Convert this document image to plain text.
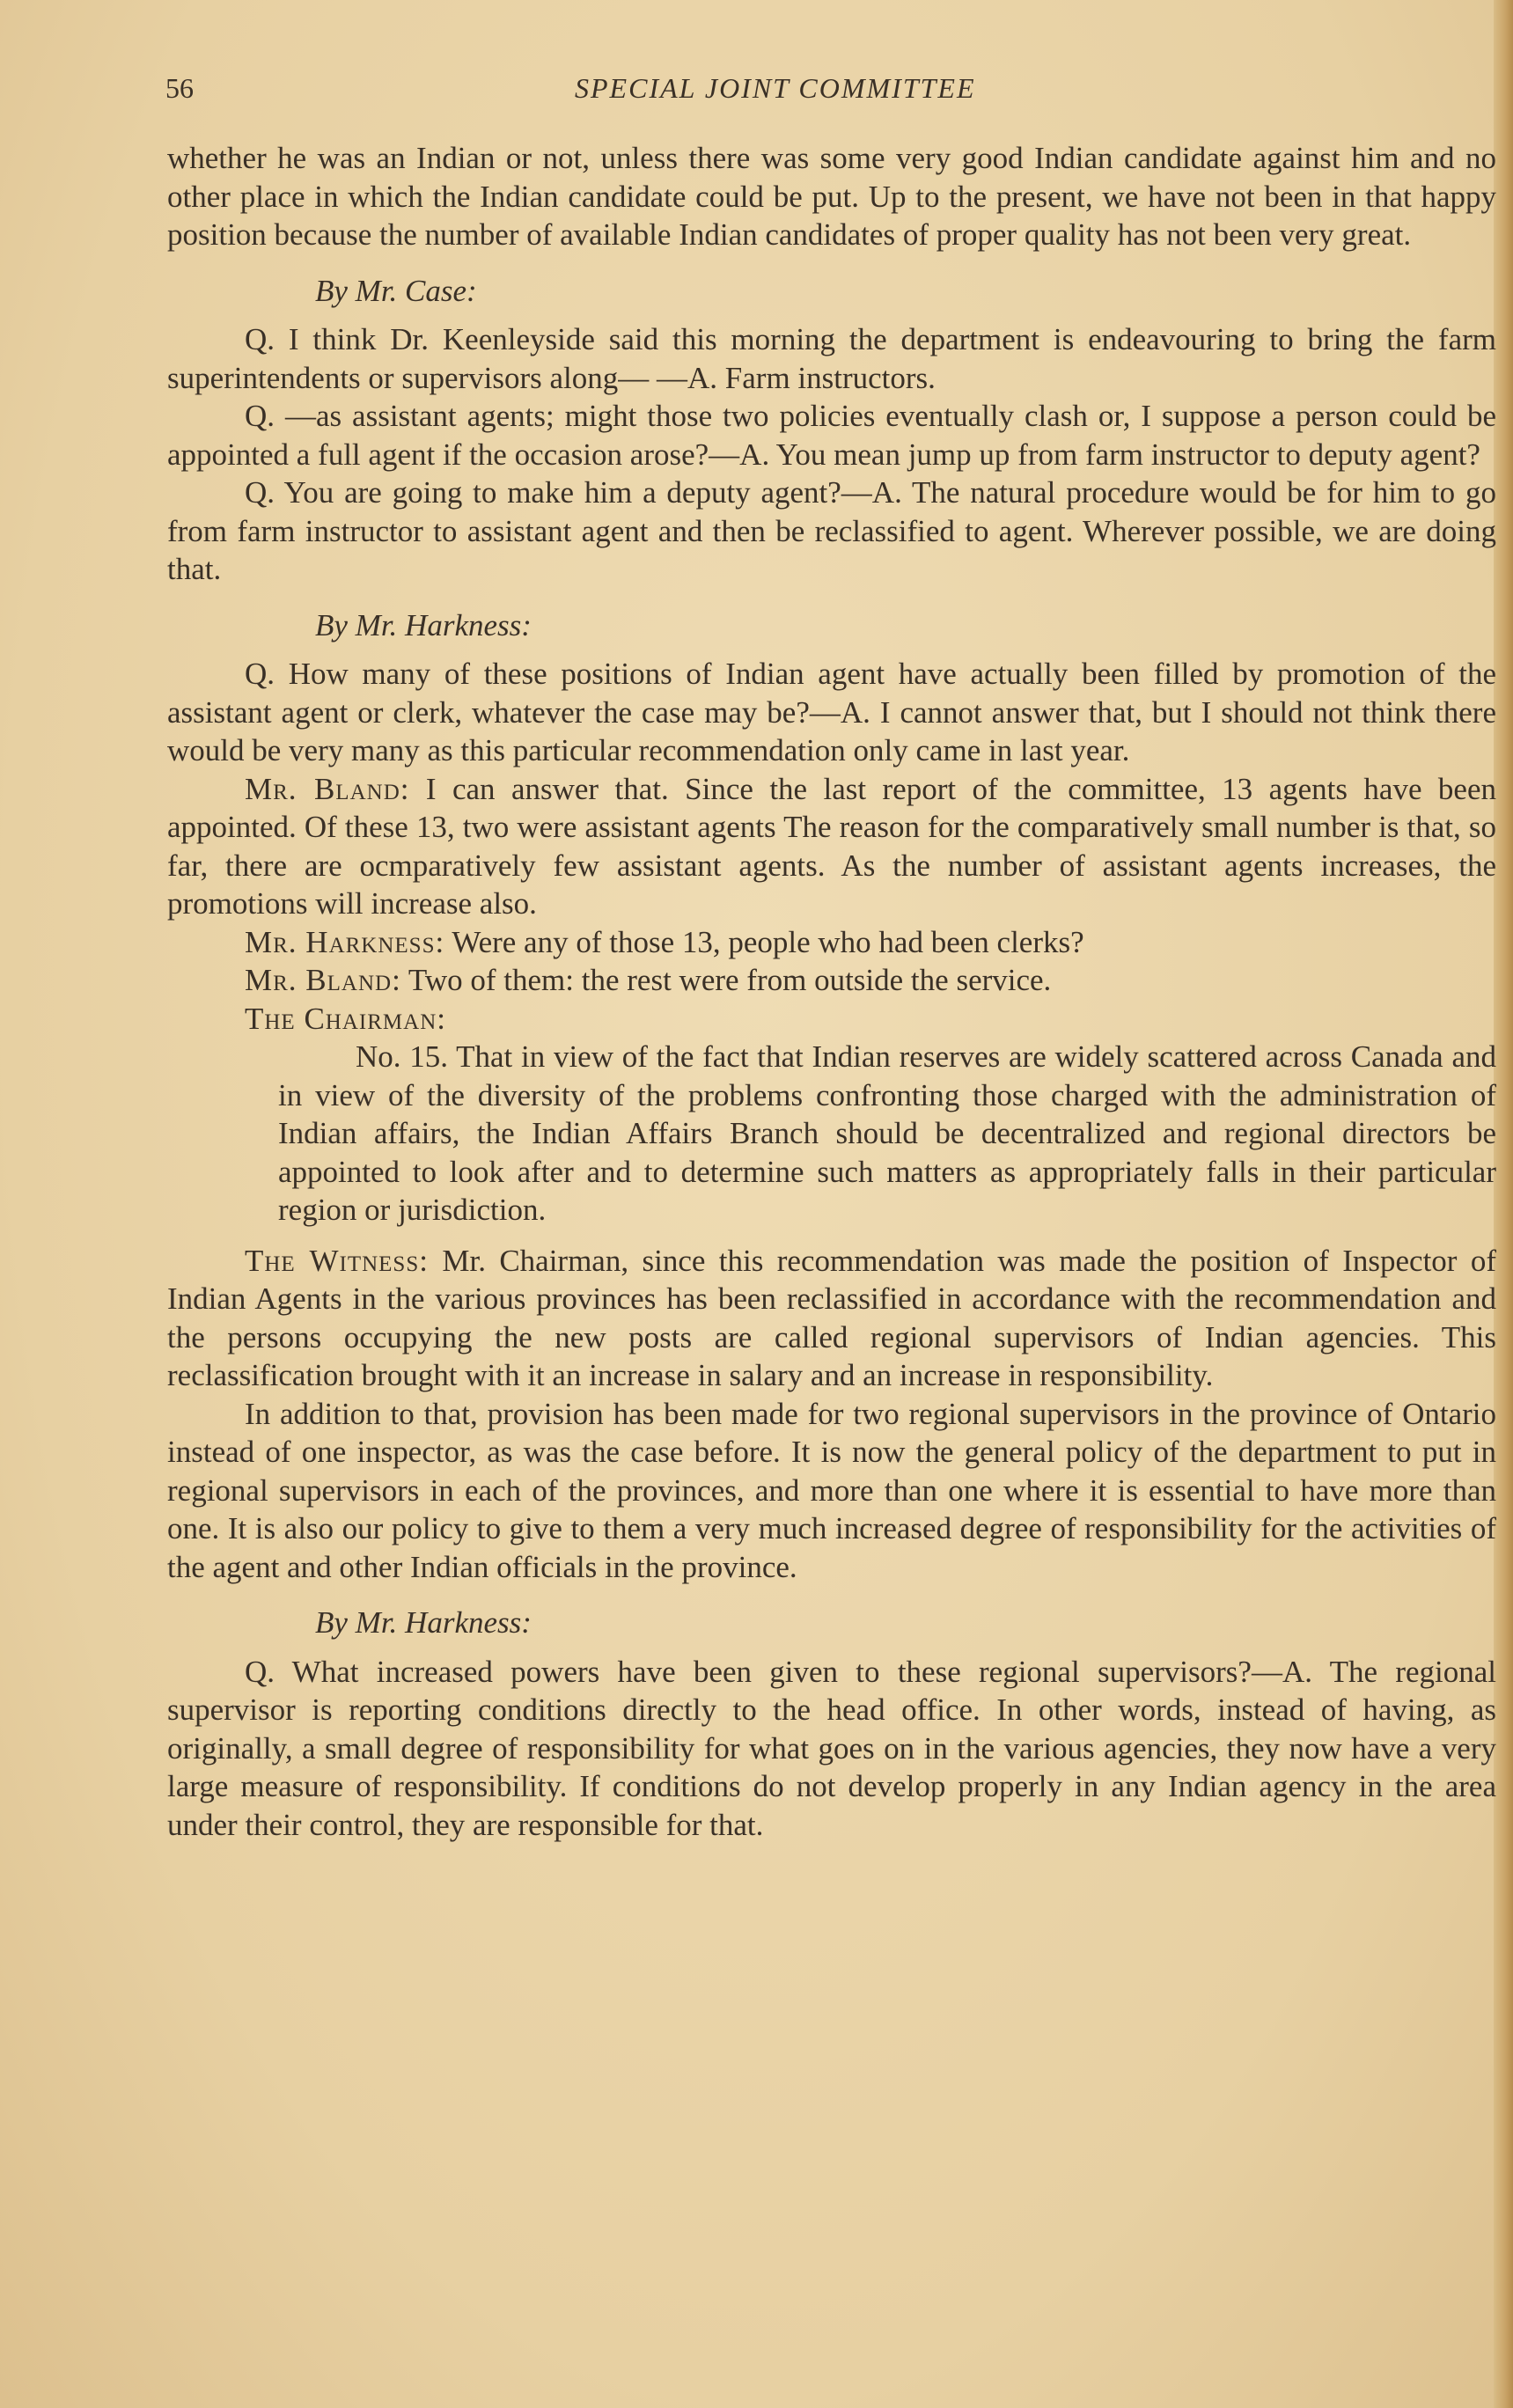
56	SPECIAL JOINT COMMITTEE

whether he was an Indian or not, unless there was some very good Indian candidate against him and no other place in which the Indian candidate could be put. Up to the present, we have not been in that happy position because the number of available Indian candidates of proper quality has not been very great.

By Mr. Case:

Q. I think Dr. Keenleyside said this morning the department is endeavouring to bring the farm superintendents or supervisors along— —A. Farm instructors.

Q. —as assistant agents; might those two policies eventually clash or, I suppose a person could be appointed a full agent if the occasion arose?—A. You mean jump up from farm instructor to deputy agent?

Q. You are going to make him a deputy agent?—A. The natural procedure would be for him to go from farm instructor to assistant agent and then be reclassified to agent. Wherever possible, we are doing that.

By Mr. Harkness:

Q. How many of these positions of Indian agent have actually been filled by promotion of the assistant agent or clerk, whatever the case may be?—A. I cannot answer that, but I should not think there would be very many as this particular recommendation only came in last year.

Mr. Bland: I can answer that. Since the last report of the committee, 13 agents have been appointed. Of these 13, two were assistant agents The reason for the comparatively small number is that, so far, there are ocmparatively few assistant agents. As the number of assistant agents increases, the promotions will increase also.

Mr. Harkness: Were any of those 13, people who had been clerks?

Mr. Bland: Two of them: the rest were from outside the service.

The Chairman:

No. 15. That in view of the fact that Indian reserves are widely scattered across Canada and in view of the diversity of the problems confronting those charged with the administration of Indian affairs, the Indian Affairs Branch should be decentralized and regional directors be appointed to look after and to determine such matters as appropriately falls in their particular region or jurisdiction.

The Witness: Mr. Chairman, since this recommendation was made the position of Inspector of Indian Agents in the various provinces has been reclassified in accordance with the recommendation and the persons occupying the new posts are called regional supervisors of Indian agencies. This reclassification brought with it an increase in salary and an increase in responsibility.

In addition to that, provision has been made for two regional supervisors in the province of Ontario instead of one inspector, as was the case before. It is now the general policy of the department to put in regional supervisors in each of the provinces, and more than one where it is essential to have more than one. It is also our policy to give to them a very much increased degree of responsibility for the activities of the agent and other Indian officials in the province.

By Mr. Harkness:

Q. What increased powers have been given to these regional supervisors?—A. The regional supervisor is reporting conditions directly to the head office. In other words, instead of having, as originally, a small degree of responsibility for what goes on in the various agencies, they now have a very large measure of responsibility. If conditions do not develop properly in any Indian agency in the area under their control, they are responsible for that.
